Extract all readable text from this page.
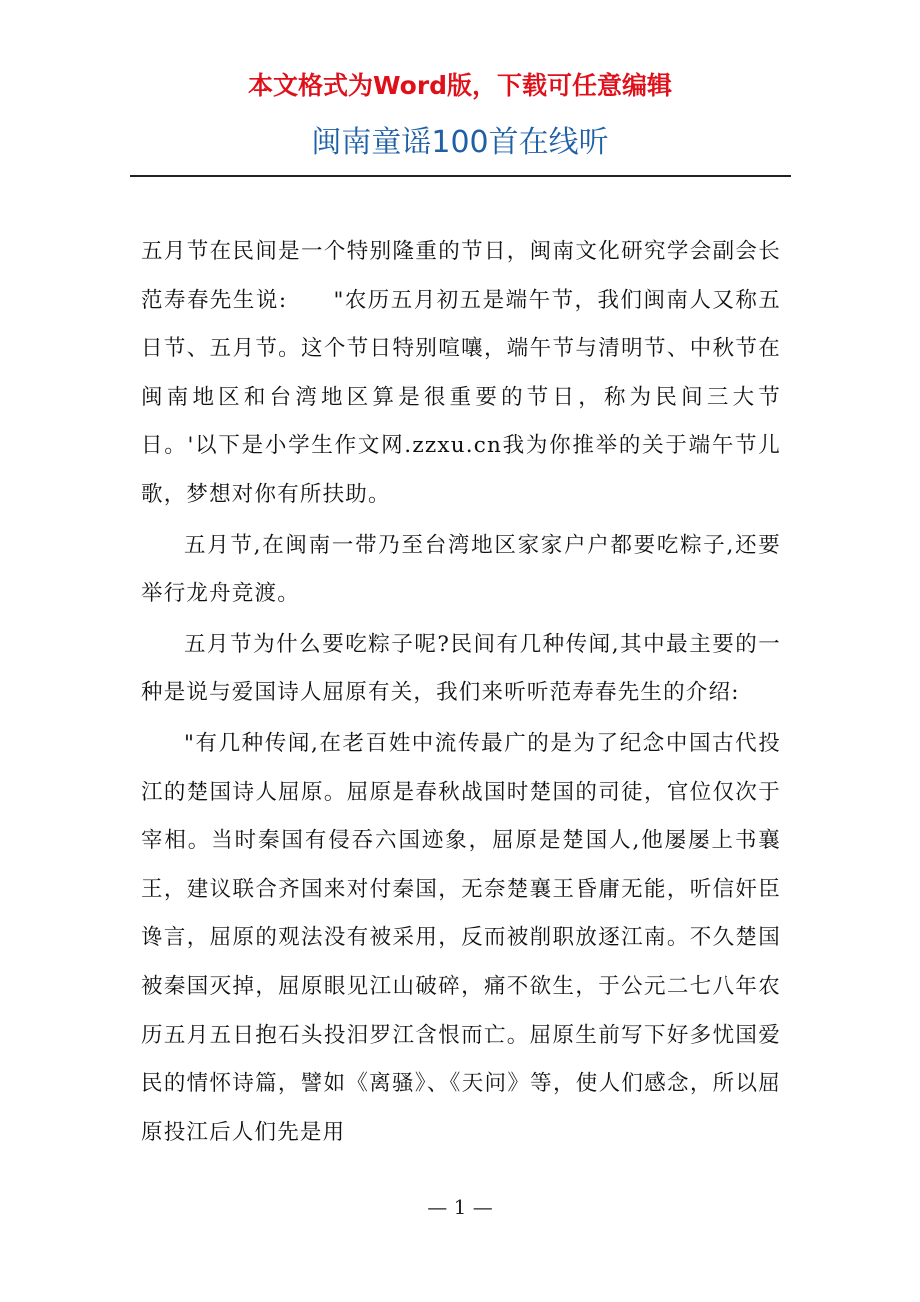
本文格式为Word版，下载可任意编辑
闽南童谣100首在线听

五月节在民间是一个特别隆重的节日，闽南文化研究学会副会长范寿春先生说:　　"农历五月初五是端午节，我们闽南人又称五日节、五月节。这个节日特别喧嚷，端午节与清明节、中秋节在闽南地区和台湾地区算是很重要的节日，称为民间三大节日。'以下是小学生作文网.zzxu.cn我为你推举的关于端午节儿歌，梦想对你有所扶助。

五月节,在闽南一带乃至台湾地区家家户户都要吃粽子,还要举行龙舟竞渡。

五月节为什么要吃粽子呢?民间有几种传闻,其中最主要的一种是说与爱国诗人屈原有关，我们来听听范寿春先生的介绍:

"有几种传闻,在老百姓中流传最广的是为了纪念中国古代投江的楚国诗人屈原。屈原是春秋战国时楚国的司徒，官位仅次于宰相。当时秦国有侵吞六国迹象，屈原是楚国人,他屡屡上书襄王，建议联合齐国来对付秦国，无奈楚襄王昏庸无能，听信奸臣谗言，屈原的观法没有被采用，反而被削职放逐江南。不久楚国被秦国灭掉，屈原眼见江山破碎，痛不欲生，于公元二七八年农历五月五日抱石头投汨罗江含恨而亡。屈原生前写下好多忧国爱民的情怀诗篇，譬如《离骚》、《天问》等，使人们感念，所以屈原投江后人们先是用

— 1 —
